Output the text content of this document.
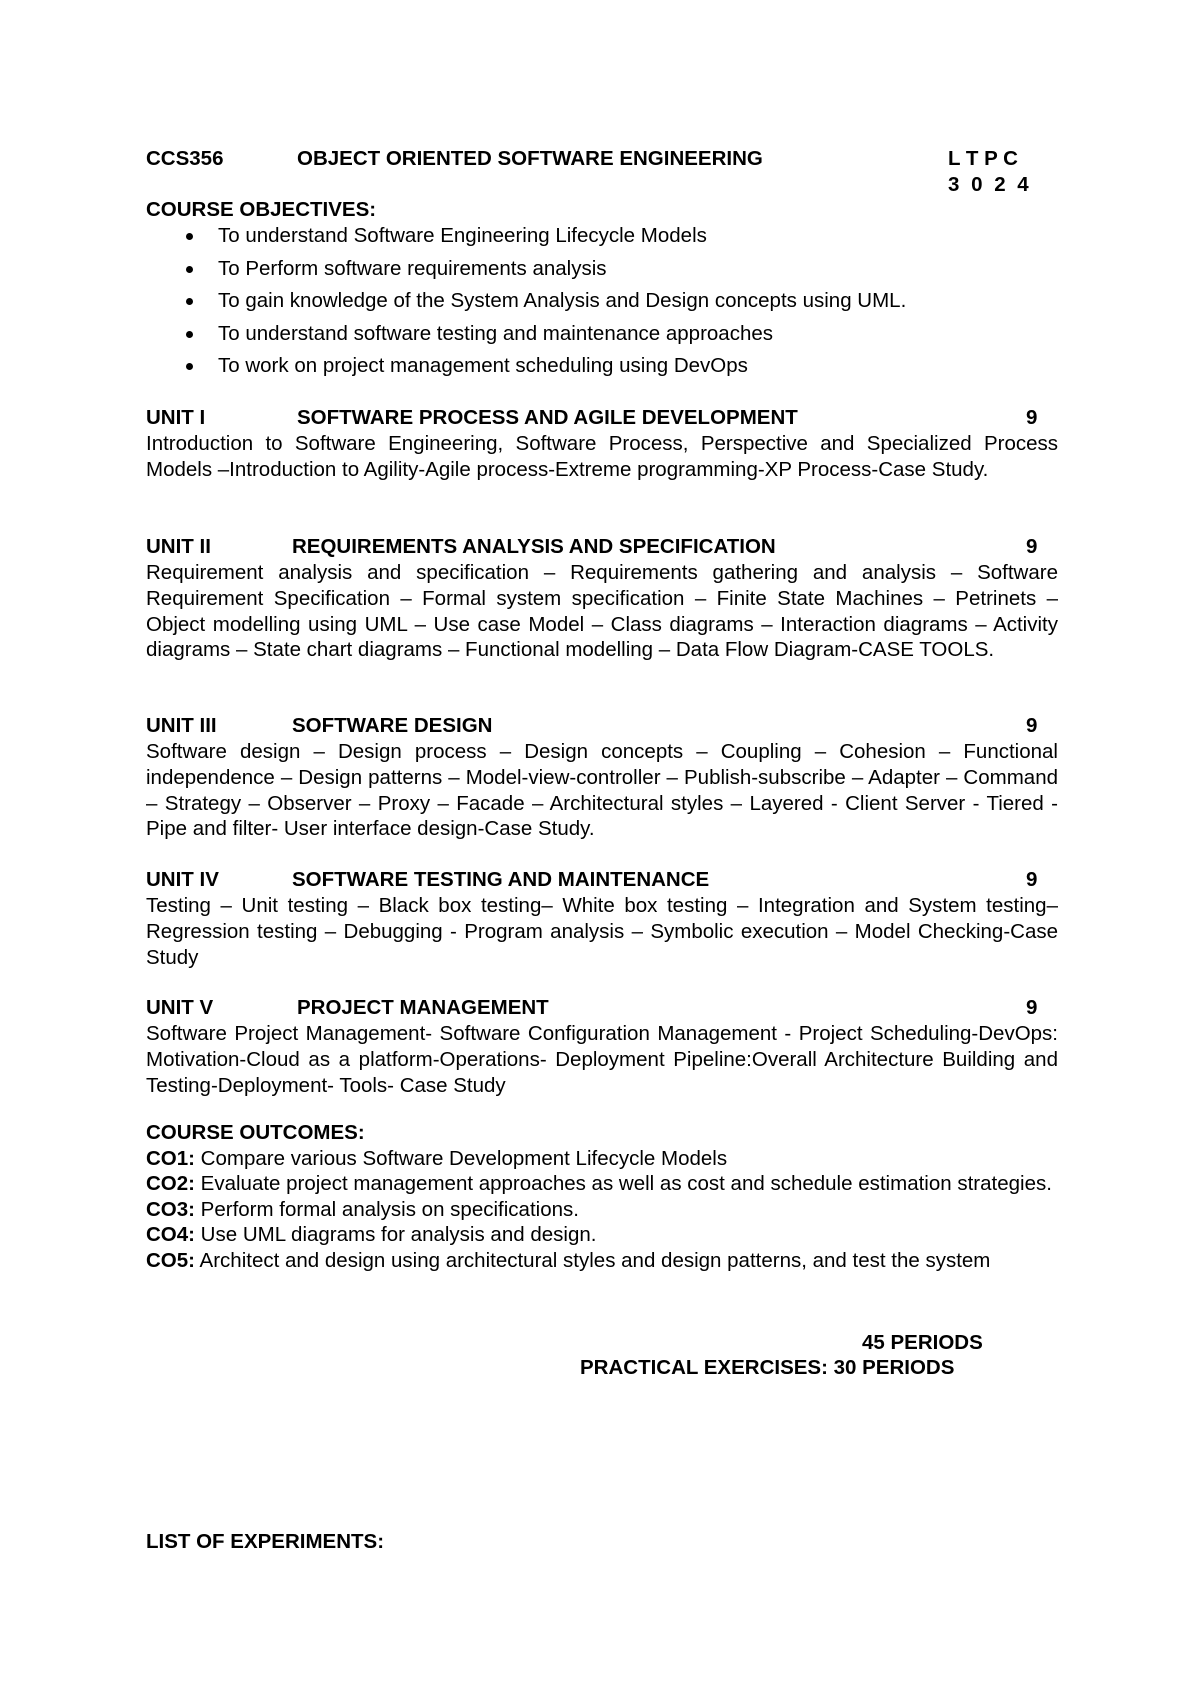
CCS356	OBJECT ORIENTED SOFTWARE ENGINEERING	L T P C
3 0 2 4
COURSE OBJECTIVES:
To understand Software Engineering Lifecycle Models
To Perform software requirements analysis
To gain knowledge of the System Analysis and Design concepts using UML.
To understand software testing and maintenance approaches
To work on project management scheduling using DevOps
UNIT I	SOFTWARE PROCESS AND AGILE DEVELOPMENT	9
Introduction to Software Engineering, Software Process, Perspective and Specialized Process Models –Introduction to Agility-Agile process-Extreme programming-XP Process-Case Study.
UNIT II	REQUIREMENTS ANALYSIS AND SPECIFICATION	9
Requirement analysis and specification – Requirements gathering and analysis – Software Requirement Specification – Formal system specification – Finite State Machines – Petrinets – Object modelling using UML – Use case Model – Class diagrams – Interaction diagrams – Activity diagrams – State chart diagrams – Functional modelling – Data Flow Diagram-CASE TOOLS.
UNIT III	SOFTWARE DESIGN	9
Software design – Design process – Design concepts – Coupling – Cohesion – Functional independence – Design patterns – Model-view-controller – Publish-subscribe – Adapter – Command – Strategy – Observer – Proxy – Facade – Architectural styles – Layered - Client Server - Tiered - Pipe and filter- User interface design-Case Study.
UNIT IV	SOFTWARE TESTING AND MAINTENANCE	9
Testing – Unit testing – Black box testing– White box testing – Integration and System testing– Regression testing – Debugging - Program analysis – Symbolic execution – Model Checking-Case Study
UNIT V	PROJECT MANAGEMENT	9
Software Project Management- Software Configuration Management - Project Scheduling-DevOps: Motivation-Cloud as a platform-Operations- Deployment Pipeline:Overall Architecture Building and Testing-Deployment- Tools- Case Study
COURSE OUTCOMES:
CO1: Compare various Software Development Lifecycle Models
CO2: Evaluate project management approaches as well as cost and schedule estimation strategies.
CO3: Perform formal analysis on specifications.
CO4: Use UML diagrams for analysis and design.
CO5: Architect and design using architectural styles and design patterns, and test the system
45 PERIODS
PRACTICAL EXERCISES: 30 PERIODS
LIST OF EXPERIMENTS:
